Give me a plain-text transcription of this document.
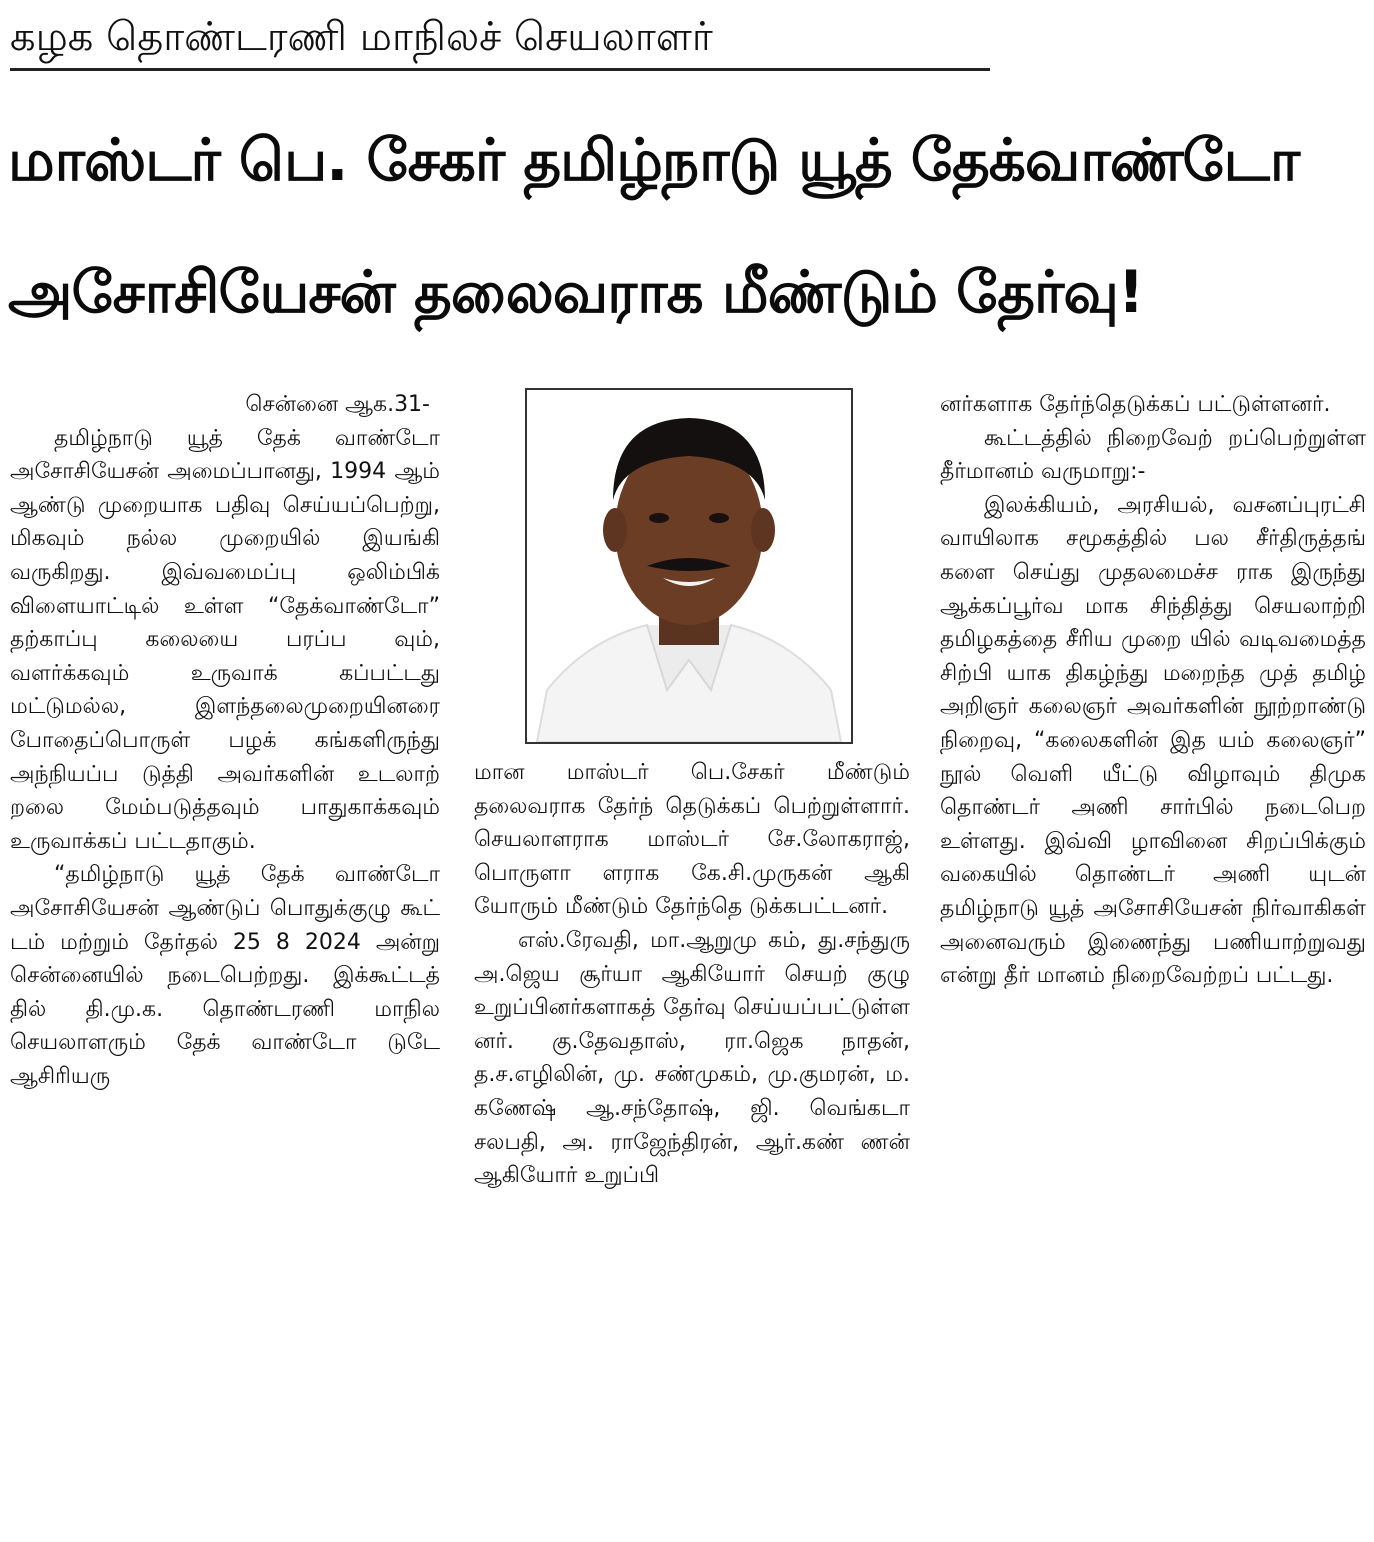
கழக தொண்டரணி மாநிலச் செயலாளர்
மாஸ்டர் பெ. சேகர் தமிழ்நாடு யூத் தேக்வாண்டோ
அசோசியேசன் தலைவராக மீண்டும் தேர்வு!

சென்னை ஆக.31-

தமிழ்நாடு யூத் தேக் வாண்டோ அசோசியேசன் அமைப்பானது, 1994 ஆம் ஆண்டு முறையாக பதிவு செய்யப்பெற்று, மிகவும் நல்ல முறையில் இயங்கி வருகிறது. இவ்வமைப்பு ஒலிம்பிக் விளையாட்டில் உள்ள “தேக்வாண்டோ” தற்காப்பு கலையை பரப்ப வும், வளர்க்கவும் உருவாக் கப்பட்டது மட்டுமல்ல, இளந்தலைமுறையினரை போதைப்பொருள் பழக் கங்களிருந்து அந்நியப்ப டுத்தி அவர்களின் உடலாற் றலை மேம்படுத்தவும் பாதுகாக்கவும் உருவாக்கப் பட்டதாகும்.

“தமிழ்நாடு யூத் தேக் வாண்டோ அசோசியேசன் ஆண்டுப் பொதுக்குழு கூட் டம் மற்றும் தேர்தல் 25 8 2024 அன்று சென்னையில் நடைபெற்றது. இக்கூட்டத் தில் தி.மு.க. தொண்டரணி மாநில செயலாளரும் தேக் வாண்டோ டுடே ஆசிரியரு

மான மாஸ்டர் பெ.சேகர் மீண்டும் தலைவராக தேர்ந் தெடுக்கப் பெற்றுள்ளார். செயலாளராக மாஸ்டர் சே.லோகராஜ், பொருளா ளராக கே.சி.முருகன் ஆகி யோரும் மீண்டும் தேர்ந்தெ டுக்கபட்டனர்.

எஸ்.ரேவதி, மா.ஆறுமு கம், து.சந்துரு அ.ஜெய சூர்யா ஆகியோர் செயற் குழு உறுப்பினர்களாகத் தேர்வு செய்யப்பட்டுள்ள னர். கு.தேவதாஸ், ரா.ஜெக நாதன், த.ச.எழிலின், மு. சண்முகம், மு.குமரன், ம. கணேஷ் ஆ.சந்தோஷ், ஜி. வெங்கடா சலபதி, அ. ராஜேந்திரன், ஆர்.கண் ணன் ஆகியோர் உறுப்பி

னர்களாக தேர்ந்தெடுக்கப் பட்டுள்ளனர்.

கூட்டத்தில் நிறைவேற் றப்பெற்றுள்ள தீர்மானம் வருமாறு:-

இலக்கியம், அரசியல், வசனப்புரட்சி வாயிலாக சமூகத்தில் பல சீர்திருத்தங் களை செய்து முதலமைச்ச ராக இருந்து ஆக்கப்பூர்வ மாக சிந்தித்து செயலாற்றி தமிழகத்தை சீரிய முறை யில் வடிவமைத்த சிற்பி யாக திகழ்ந்து மறைந்த முத் தமிழ் அறிஞர் கலைஞர் அவர்களின் நூற்றாண்டு நிறைவு, “கலைகளின் இத யம் கலைஞர்” நூல் வெளி யீட்டு விழாவும் திமுக தொண்டர் அணி சார்பில் நடைபெற உள்ளது. இவ்வி ழாவினை சிறப்பிக்கும் வகையில் தொண்டர் அணி யுடன் தமிழ்நாடு யூத் அசோசியேசன் நிர்வாகிகள் அனைவரும் இணைந்து பணியாற்றுவது என்று தீர் மானம் நிறைவேற்றப் பட்டது.
